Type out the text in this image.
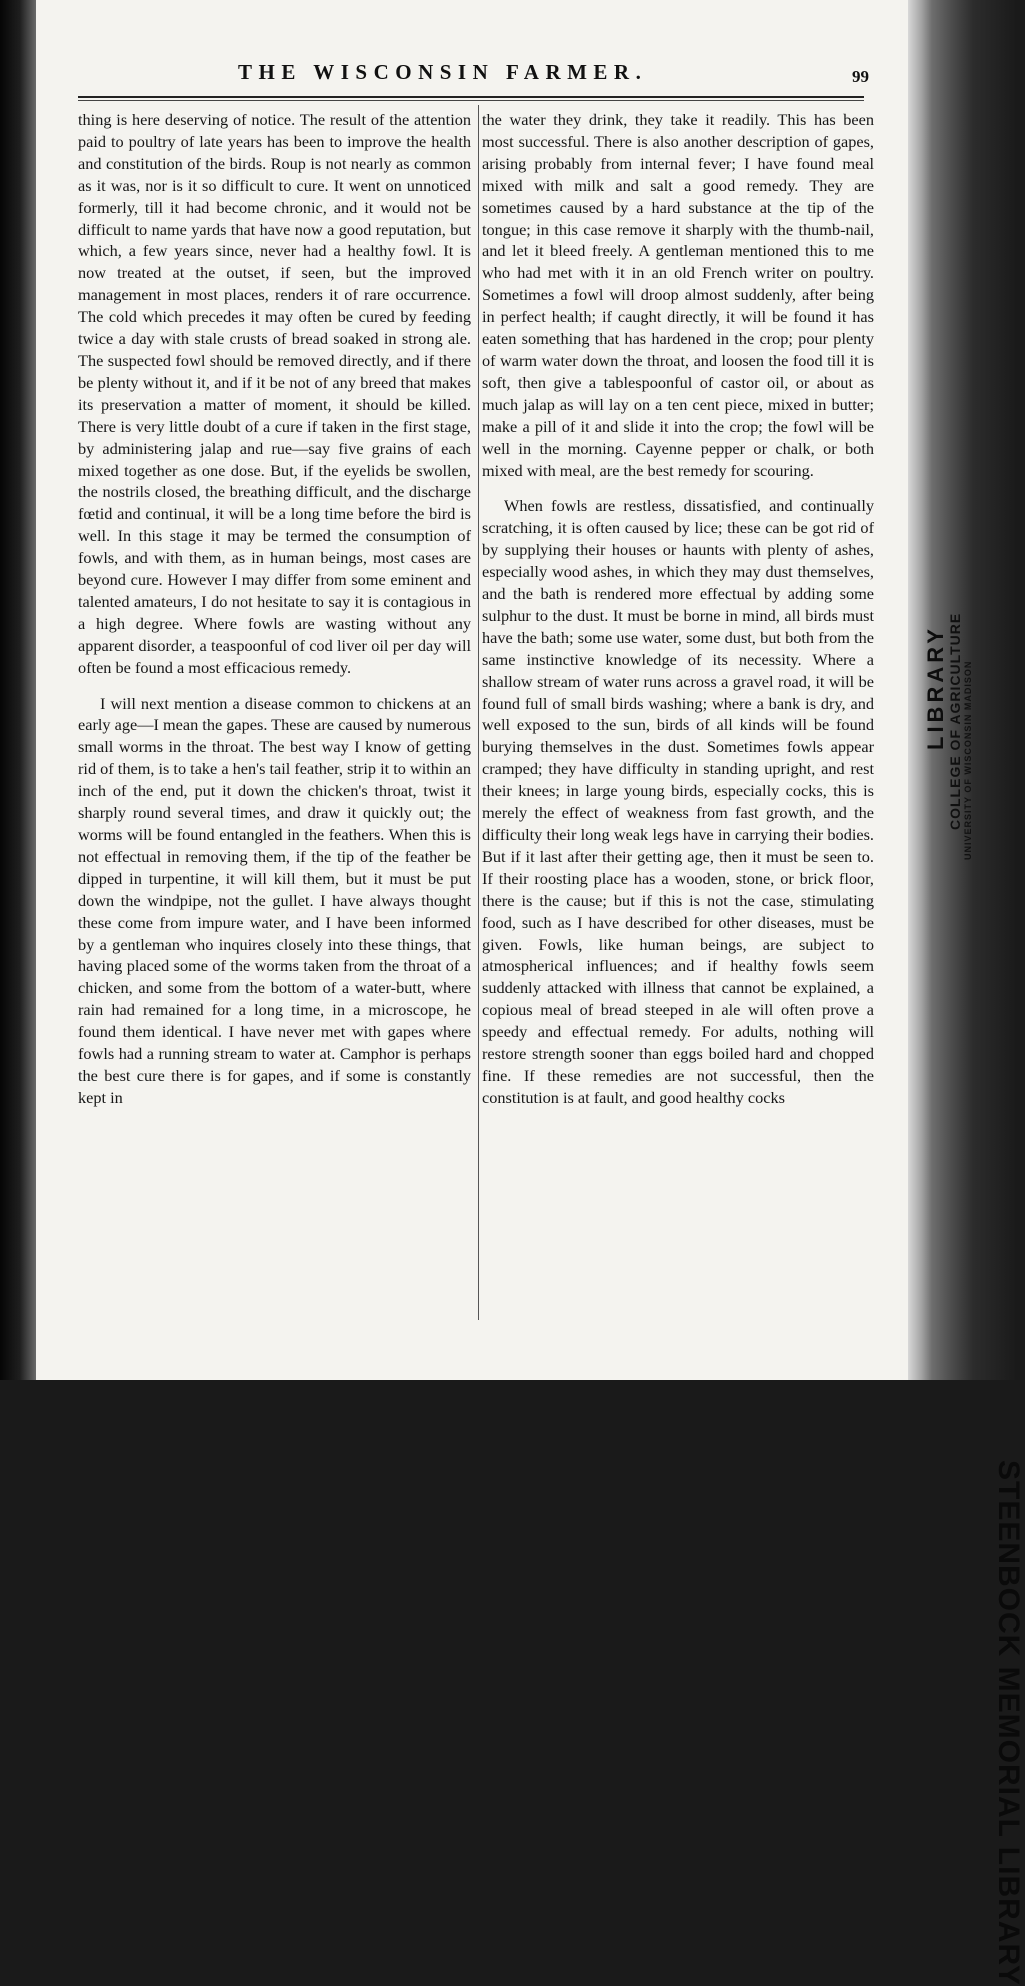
LIBRARY COLLEGE OF AGRICULTURE UNIVERSITY OF WISCONSIN MADISON
STEENBOCK MEMORIAL LIBRARY
THE WISCONSIN FARMER.	99

thing is here deserving of notice. The result of the attention paid to poultry of late years has been to improve the health and constitution of the birds. Roup is not nearly as common as it was, nor is it so difficult to cure. It went on unnoticed formerly, till it had become chronic, and it would not be difficult to name yards that have now a good reputation, but which, a few years since, never had a healthy fowl. It is now treated at the outset, if seen, but the improved management in most places, renders it of rare occurrence. The cold which precedes it may often be cured by feeding twice a day with stale crusts of bread soaked in strong ale. The suspected fowl should be removed directly, and if there be plenty without it, and if it be not of any breed that makes its preservation a matter of moment, it should be killed. There is very little doubt of a cure if taken in the first stage, by administering jalap and rue—say five grains of each mixed together as one dose. But, if the eyelids be swollen, the nostrils closed, the breathing difficult, and the discharge fœtid and continual, it will be a long time before the bird is well. In this stage it may be termed the consumption of fowls, and with them, as in human beings, most cases are beyond cure. However I may differ from some eminent and talented amateurs, I do not hesitate to say it is contagious in a high degree. Where fowls are wasting without any apparent disorder, a teaspoonful of cod liver oil per day will often be found a most efficacious remedy.

I will next mention a disease common to chickens at an early age—I mean the gapes. These are caused by numerous small worms in the throat. The best way I know of getting rid of them, is to take a hen's tail feather, strip it to within an inch of the end, put it down the chicken's throat, twist it sharply round several times, and draw it quickly out; the worms will be found entangled in the feathers. When this is not effectual in removing them, if the tip of the feather be dipped in turpentine, it will kill them, but it must be put down the windpipe, not the gullet. I have always thought these come from impure water, and I have been informed by a gentleman who inquires closely into these things, that having placed some of the worms taken from the throat of a chicken, and some from the bottom of a water-butt, where rain had remained for a long time, in a microscope, he found them identical. I have never met with gapes where fowls had a running stream to water at. Camphor is perhaps the best cure there is for gapes, and if some is constantly kept in

the water they drink, they take it readily. This has been most successful. There is also another description of gapes, arising probably from internal fever; I have found meal mixed with milk and salt a good remedy. They are sometimes caused by a hard substance at the tip of the tongue; in this case remove it sharply with the thumb-nail, and let it bleed freely. A gentleman mentioned this to me who had met with it in an old French writer on poultry. Sometimes a fowl will droop almost suddenly, after being in perfect health; if caught directly, it will be found it has eaten something that has hardened in the crop; pour plenty of warm water down the throat, and loosen the food till it is soft, then give a tablespoonful of castor oil, or about as much jalap as will lay on a ten cent piece, mixed in butter; make a pill of it and slide it into the crop; the fowl will be well in the morning. Cayenne pepper or chalk, or both mixed with meal, are the best remedy for scouring.

When fowls are restless, dissatisfied, and continually scratching, it is often caused by lice; these can be got rid of by supplying their houses or haunts with plenty of ashes, especially wood ashes, in which they may dust themselves, and the bath is rendered more effectual by adding some sulphur to the dust. It must be borne in mind, all birds must have the bath; some use water, some dust, but both from the same instinctive knowledge of its necessity. Where a shallow stream of water runs across a gravel road, it will be found full of small birds washing; where a bank is dry, and well exposed to the sun, birds of all kinds will be found burying themselves in the dust. Sometimes fowls appear cramped; they have difficulty in standing upright, and rest their knees; in large young birds, especially cocks, this is merely the effect of weakness from fast growth, and the difficulty their long weak legs have in carrying their bodies. But if it last after their getting age, then it must be seen to. If their roosting place has a wooden, stone, or brick floor, there is the cause; but if this is not the case, stimulating food, such as I have described for other diseases, must be given. Fowls, like human beings, are subject to atmospherical influences; and if healthy fowls seem suddenly attacked with illness that cannot be explained, a copious meal of bread steeped in ale will often prove a speedy and effectual remedy. For adults, nothing will restore strength sooner than eggs boiled hard and chopped fine. If these remedies are not successful, then the constitution is at fault, and good healthy cocks
